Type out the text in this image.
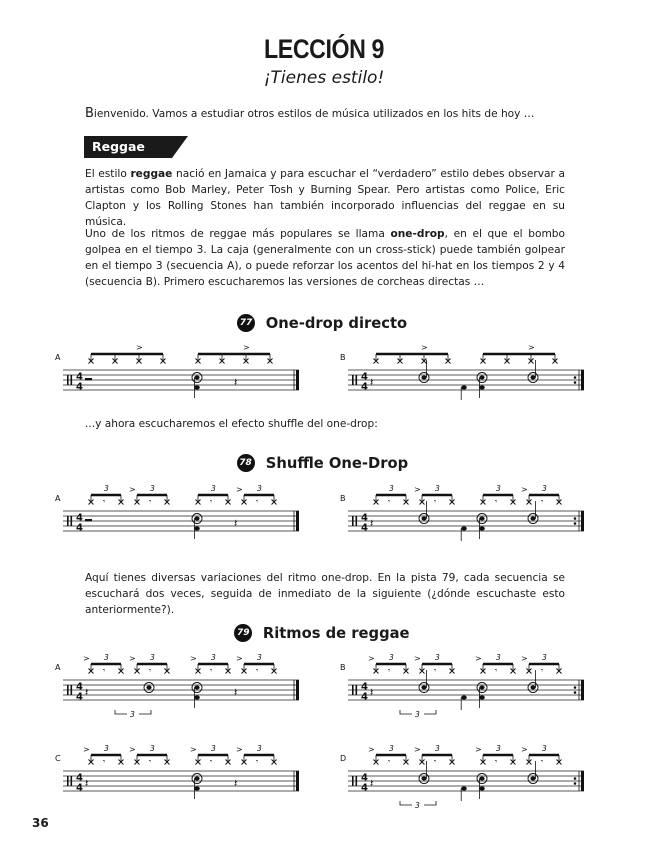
LECCIÓN 9
¡Tienes estilo!
Bienvenido. Vamos a estudiar otros estilos de música utilizados en los hits de hoy …
Reggae
El estilo reggae nació en Jamaica y para escuchar el “verdadero” estilo debes observar a artistas como Bob Marley, Peter Tosh y Burning Spear. Pero artistas como Police, Eric Clapton y los Rolling Stones han también incorporado influencias del reggae en su música.
Uno de los ritmos de reggae más populares se llama one-drop, en el que el bombo golpea en el tiempo 3. La caja (generalmente con un cross-stick) puede también golpear en el tiempo 3 (secuencia A), o puede reforzar los acentos del hi-hat en los tiempos 2 y 4 (secuencia B). Primero escucharemos las versiones de corcheas directas …
77 One-drop directo
...y ahora escucharemos el efecto shuffle del one-drop:
78 Shuffle One-Drop
Aquí tienes diversas variaciones del ritmo one-drop. En la pista 79, cada secuencia se escuchará dos veces, seguida de inmediato de la siguiente (¿dónde escuchaste esto anteriormente?).
79 Ritmos de reggae
A
4
4
>	>
𝄽
B
4
4
>
𝄽
>
A
4
4
𝄾
3
𝄾
3
>
𝄾
3
𝄾
3
>
𝄽
B
4
4
𝄾
3
𝄾
3
>
𝄽
𝄾
3
𝄾
3
>
A
4
4
𝄾
3
>
𝄾
3
>
𝄽
3
𝄾
3
>
𝄾
3
>
𝄽
B
4
4
𝄾
3
>
𝄾
3
>
𝄽
3
𝄾
3
>
𝄾
3
>
C
4
4
𝄾
3
>
𝄾
3
>
𝄽
𝄾
3
>
𝄾
3
>
𝄽
D
4
4
𝄾
3
>
𝄾
3
>
𝄽
3
𝄾
3
>
𝄾
3
>
36
